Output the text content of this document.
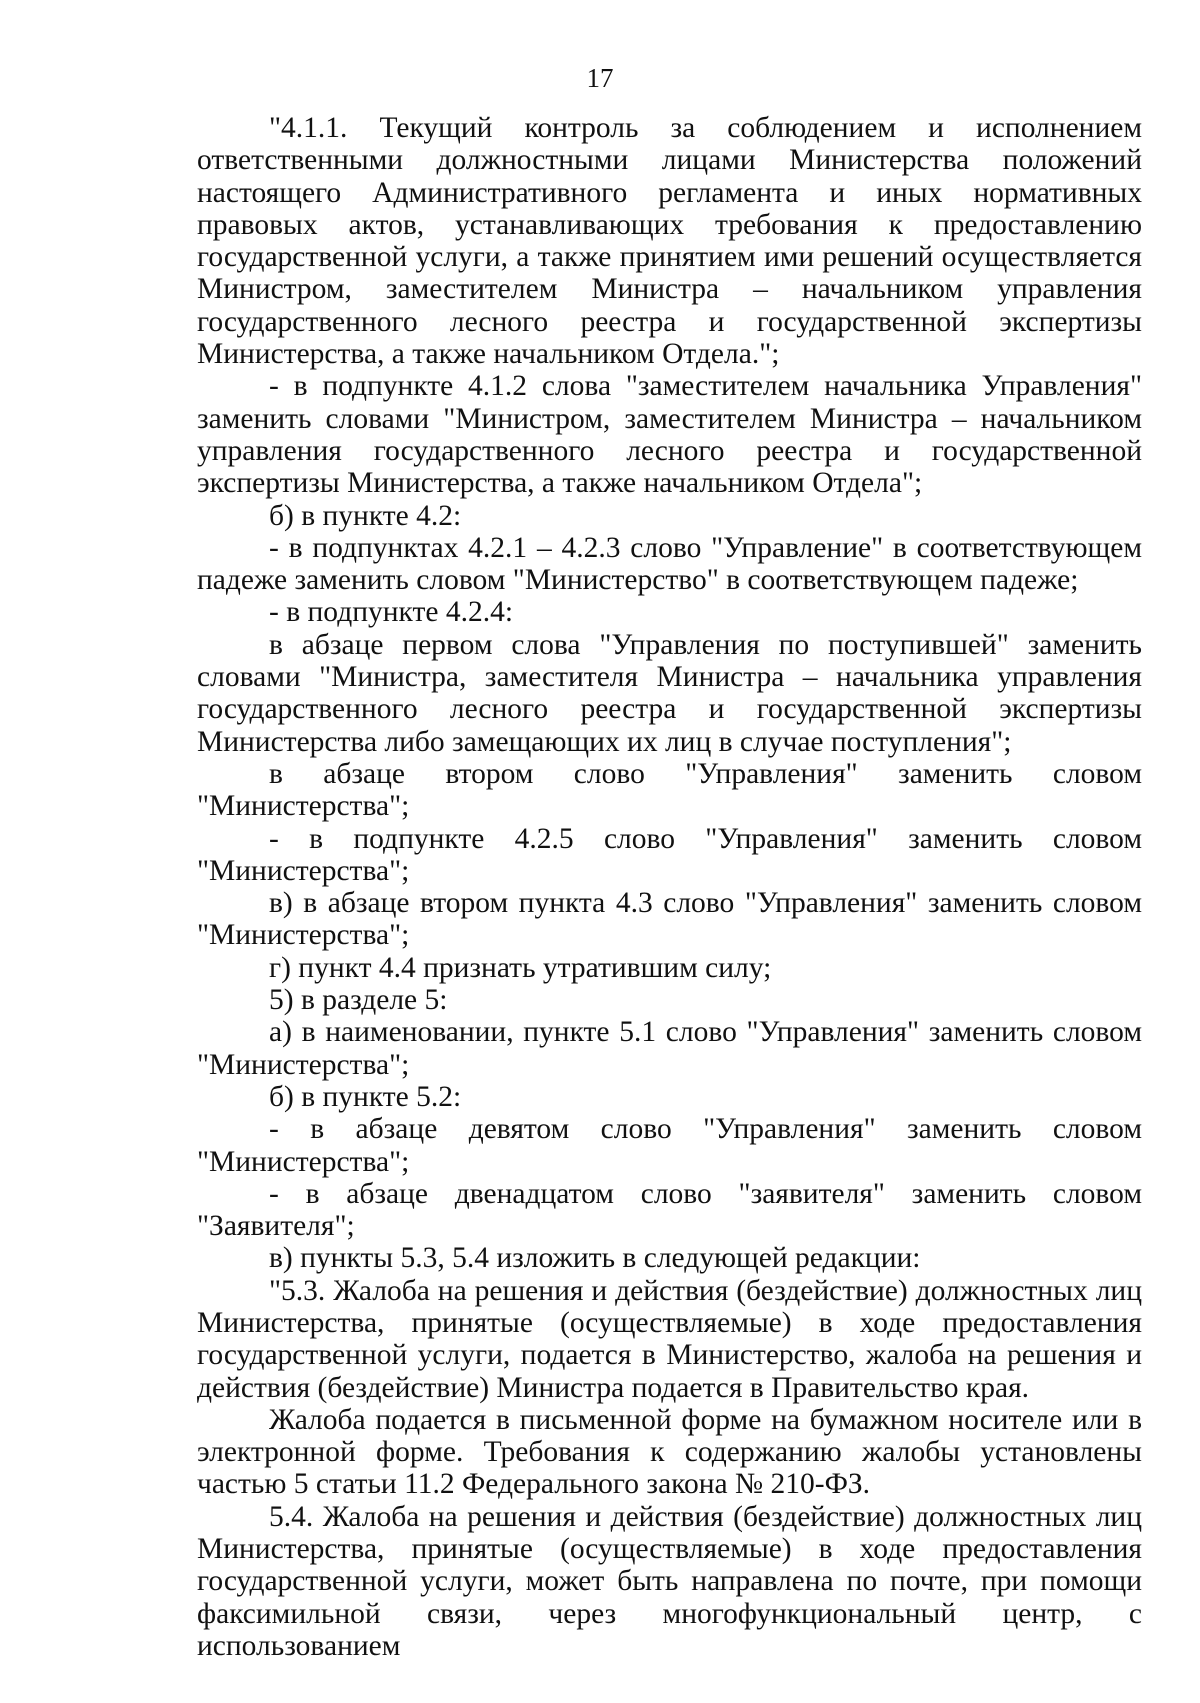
17

"4.1.1. Текущий контроль за соблюдением и исполнением ответственными должностными лицами Министерства положений настоящего Административного регламента и иных нормативных правовых актов, устанавливающих требования к предоставлению государственной услуги, а также принятием ими решений осуществляется Министром, заместителем Министра – начальником управления государственного лесного реестра и государственной экспертизы Министерства, а также начальником Отдела.";

- в подпункте 4.1.2 слова "заместителем начальника Управления" заменить словами "Министром, заместителем Министра – начальником управления государственного лесного реестра и государственной экспертизы Министерства, а также начальником Отдела";

б) в пункте 4.2:

- в подпунктах 4.2.1 – 4.2.3 слово "Управление" в соответствующем падеже заменить словом "Министерство" в соответствующем падеже;

- в подпункте 4.2.4:

в абзаце первом слова "Управления по поступившей" заменить словами "Министра, заместителя Министра – начальника управления государственного лесного реестра и государственной экспертизы Министерства либо замещающих их лиц в случае поступления";

в абзаце втором слово "Управления" заменить словом "Министерства";

- в подпункте 4.2.5 слово "Управления" заменить словом "Министерства";

в) в абзаце втором пункта 4.3 слово "Управления" заменить словом "Министерства";

г) пункт 4.4 признать утратившим силу;

5) в разделе 5:

а) в наименовании, пункте 5.1 слово "Управления" заменить словом "Министерства";

б) в пункте 5.2:

- в абзаце девятом слово "Управления" заменить словом "Министерства";

- в абзаце двенадцатом слово "заявителя" заменить словом "Заявителя";

в) пункты 5.3, 5.4 изложить в следующей редакции:

"5.3. Жалоба на решения и действия (бездействие) должностных лиц Министерства, принятые (осуществляемые) в ходе предоставления государственной услуги, подается в Министерство, жалоба на решения и действия (бездействие) Министра подается в Правительство края.

Жалоба подается в письменной форме на бумажном носителе или в электронной форме. Требования к содержанию жалобы установлены частью 5 статьи 11.2 Федерального закона № 210-ФЗ.

5.4. Жалоба на решения и действия (бездействие) должностных лиц Министерства, принятые (осуществляемые) в ходе предоставления государственной услуги, может быть направлена по почте, при помощи факсимильной связи, через многофункциональный центр, с использованием
